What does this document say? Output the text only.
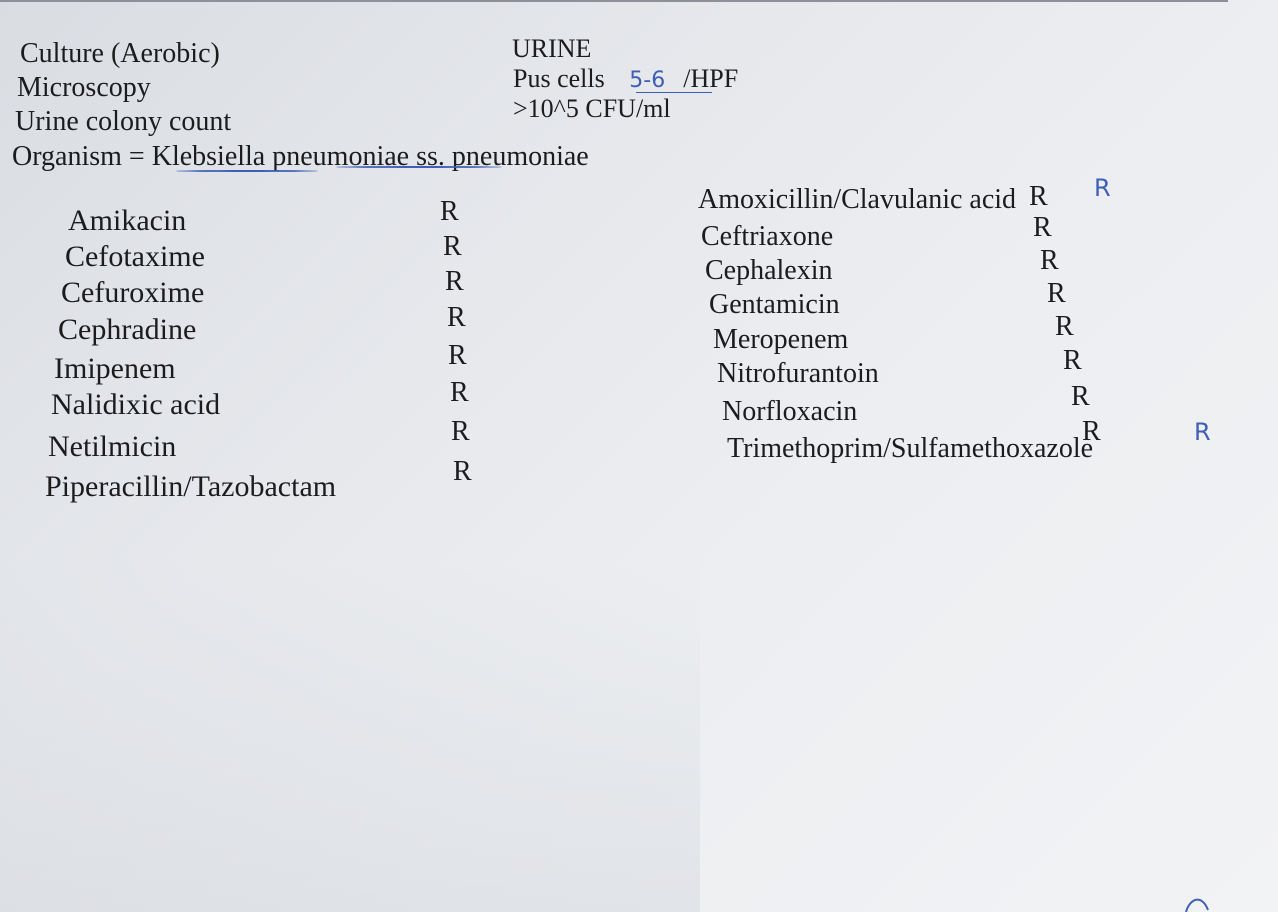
Culture (Aerobic)
Microscopy
Urine colony count
Organism = Klebsiella pneumoniae ss. pneumoniae
URINE
Pus cells 5-6 /HPF
>10^5 CFU/ml
Amikacin
Cefotaxime
Cefuroxime
Cephradine
Imipenem
Nalidixic acid
Netilmicin
Piperacillin/Tazobactam
R
R
R
R
R
R
R
R
Amoxicillin/Clavulanic acid
Ceftriaxone
Cephalexin
Gentamicin
Meropenem
Nitrofurantoin
Norfloxacin
Trimethoprim/Sulfamethoxazole
R
R
R
R
R
R
R
R
R
R
